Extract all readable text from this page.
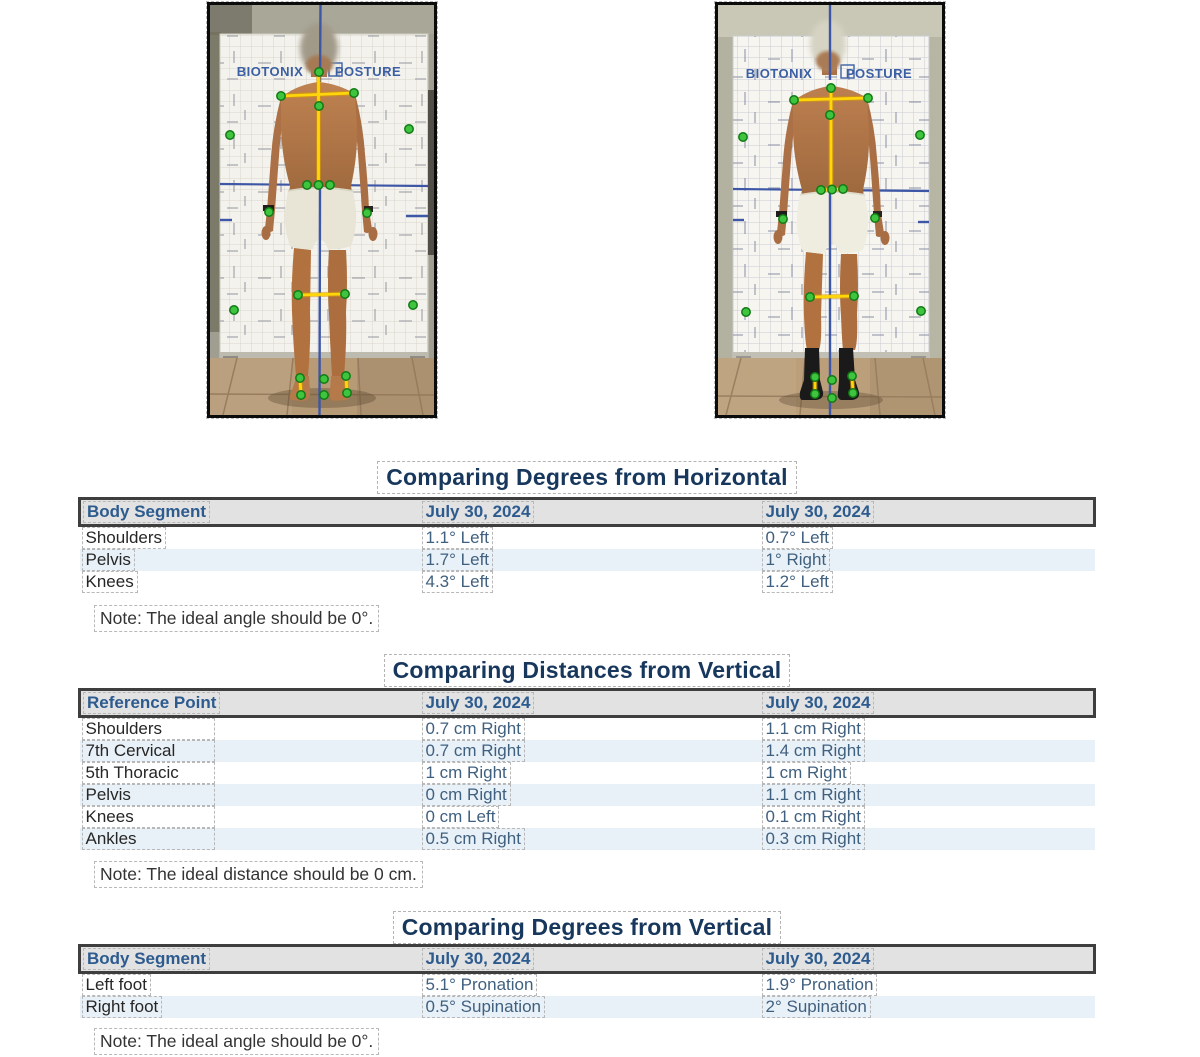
BIOTONIX POSTURE	BIOTONIX	POSTURE
Comparing Degrees from Horizontal
Body Segment	July 30, 2024	July 30, 2024
Shoulders	1.1° Left	0.7° Left
Pelvis	1.7° Left	1° Right
Knees	4.3° Left	1.2° Left
Note: The ideal angle should be 0°.
Comparing Distances from Vertical
Reference Point	July 30, 2024	July 30, 2024
Shoulders	0.7 cm Right	1.1 cm Right
7th Cervical	0.7 cm Right	1.4 cm Right
5th Thoracic	1 cm Right	1 cm Right
Pelvis	0 cm Right	1.1 cm Right
Knees	0 cm Left	0.1 cm Right
Ankles	0.5 cm Right	0.3 cm Right
Note: The ideal distance should be 0 cm.
Comparing Degrees from Vertical
Body Segment	July 30, 2024	July 30, 2024
Left foot	5.1° Pronation	1.9° Pronation
Right foot	0.5° Supination	2° Supination
Note: The ideal angle should be 0°.
